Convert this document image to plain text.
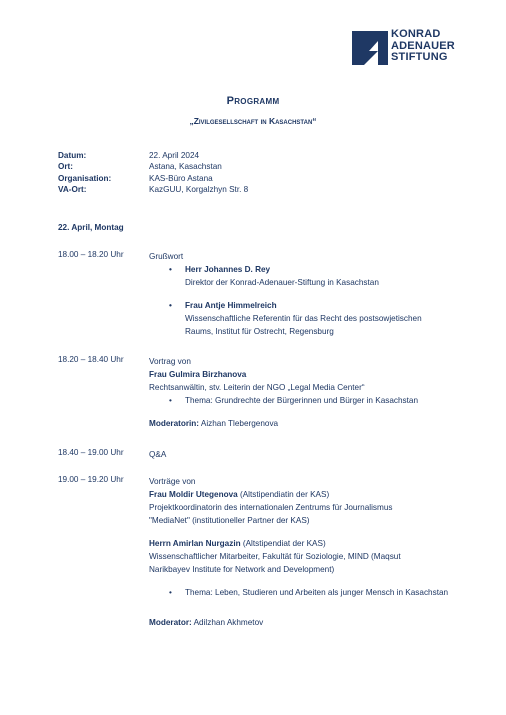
KONRAD
ADENAUER
STIFTUNG
Programm
„Zivilgesellschaft in Kasachstan“
Datum:	22. April 2024
Ort:	Astana, Kasachstan
Organisation:	KAS-Büro Astana
VA-Ort:	KazGUU, Korgalzhyn Str. 8
22. April, Montag
18.00 – 18.20 Uhr	Grußwort
• Herr Johannes D. Rey
Direktor der Konrad-Adenauer-Stiftung in Kasachstan
• Frau Antje Himmelreich
Wissenschaftliche Referentin für das Recht des postsowjetischen
Raums, Institut für Ostrecht, Regensburg
18.20 – 18.40 Uhr	Vortrag von
Frau Gulmira Birzhanova
Rechtsanwältin, stv. Leiterin der NGO „Legal Media Center“
• Thema: Grundrechte der Bürgerinnen und Bürger in Kasachstan
Moderatorin: Aizhan Tlebergenova
18.40 – 19.00 Uhr	Q&A
19.00 – 19.20 Uhr	Vorträge von
Frau Moldir Utegenova (Altstipendiatin der KAS)
Projektkoordinatorin des internationalen Zentrums für Journalismus
"MediaNet" (institutioneller Partner der KAS)
Herrn Amirlan Nurgazin (Altstipendiat der KAS)
Wissenschaftlicher Mitarbeiter, Fakultät für Soziologie, MIND (Maqsut
Narikbayev Institute for Network and Development)
• Thema: Leben, Studieren und Arbeiten als junger Mensch in Kasachstan
Moderator: Adilzhan Akhmetov
